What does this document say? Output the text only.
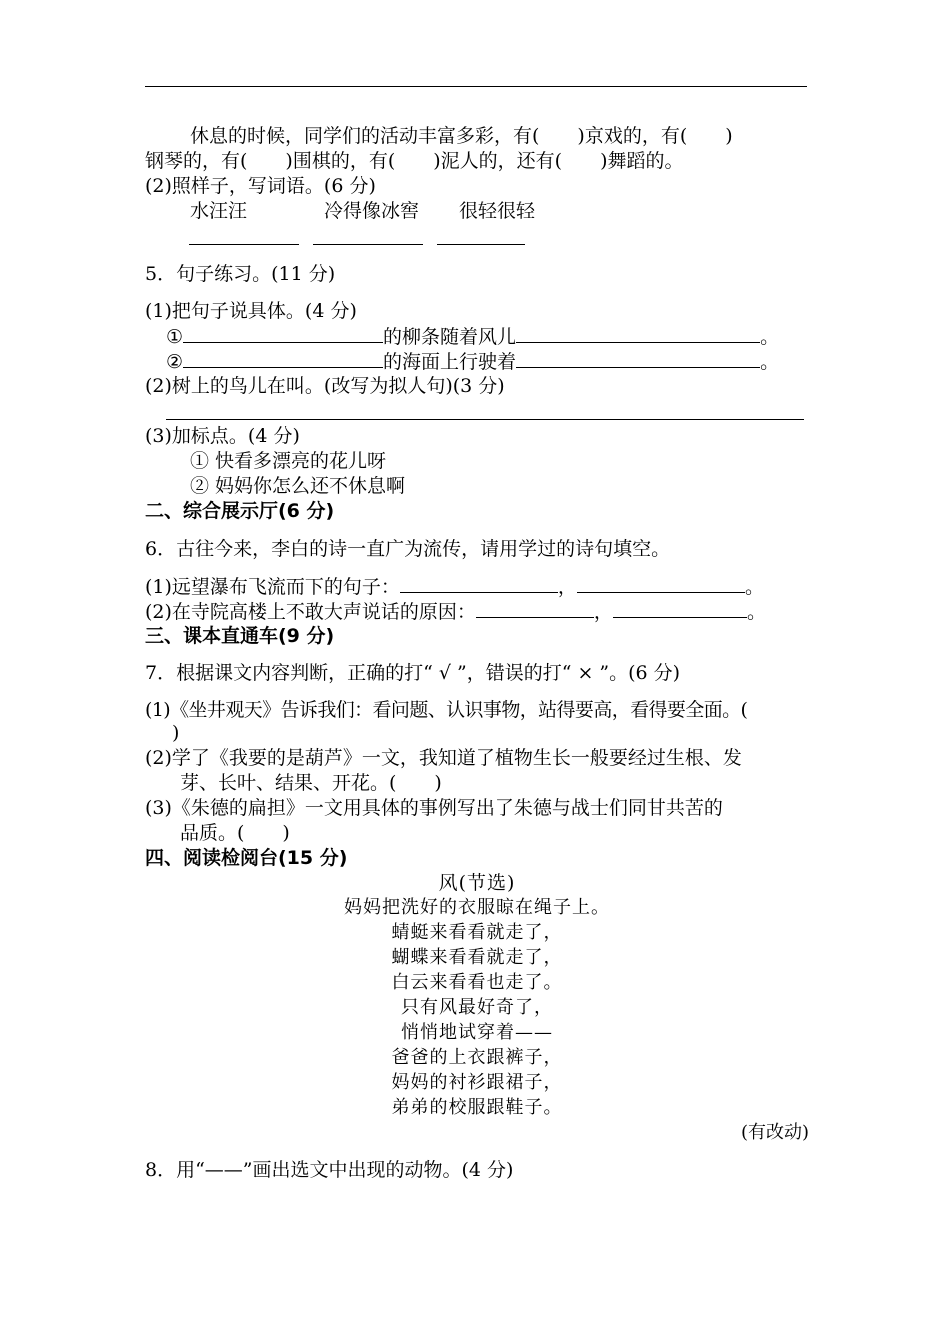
休息的时候，同学们的活动丰富多彩，有(　　)京戏的，有(　　)
钢琴的，有(　　)围棋的，有(　　)泥人的，还有(　　)舞蹈的。
(2)照样子，写词语。(6 分)
水汪汪	冷得像冰窖 很轻很轻

5．句子练习。(11 分)
(1)把句子说具体。(4 分)
①	的柳条随着风儿	。
②	的海面上行驶着	。
(2)树上的鸟儿在叫。(改写为拟人句)(3 分)
(3)加标点。(4 分)
① 快看多漂亮的花儿呀
② 妈妈你怎么还不休息啊
二、综合展示厅(6 分)
6．古往今来，李白的诗一直广为流传，请用学过的诗句填空。
(1)远望瀑布飞流而下的句子：	，	。
(2)在寺院高楼上不敢大声说话的原因：	，	。
三、课本直通车(9 分)
7．根据课文内容判断，正确的打“ √ ”，错误的打“ × ”。(6 分)
(1)《坐井观天》告诉我们：看问题、认识事物，站得要高，看得要全面。(
)
(2)学了《我要的是葫芦》一文，我知道了植物生长一般要经过生根、发
芽、长叶、结果、开花。(　　)
(3)《朱德的扁担》一文用具体的事例写出了朱德与战士们同甘共苦的
品质。(　　)
四、阅读检阅台(15 分)
风(节选)
妈妈把洗好的衣服晾在绳子上。
蜻蜓来看看就走了，
蝴蝶来看看就走了，
白云来看看也走了。
只有风最好奇了，
悄悄地试穿着——
爸爸的上衣跟裤子，
妈妈的衬衫跟裙子，
弟弟的校服跟鞋子。
(有改动)
8．用“——”画出选文中出现的动物。(4 分)
